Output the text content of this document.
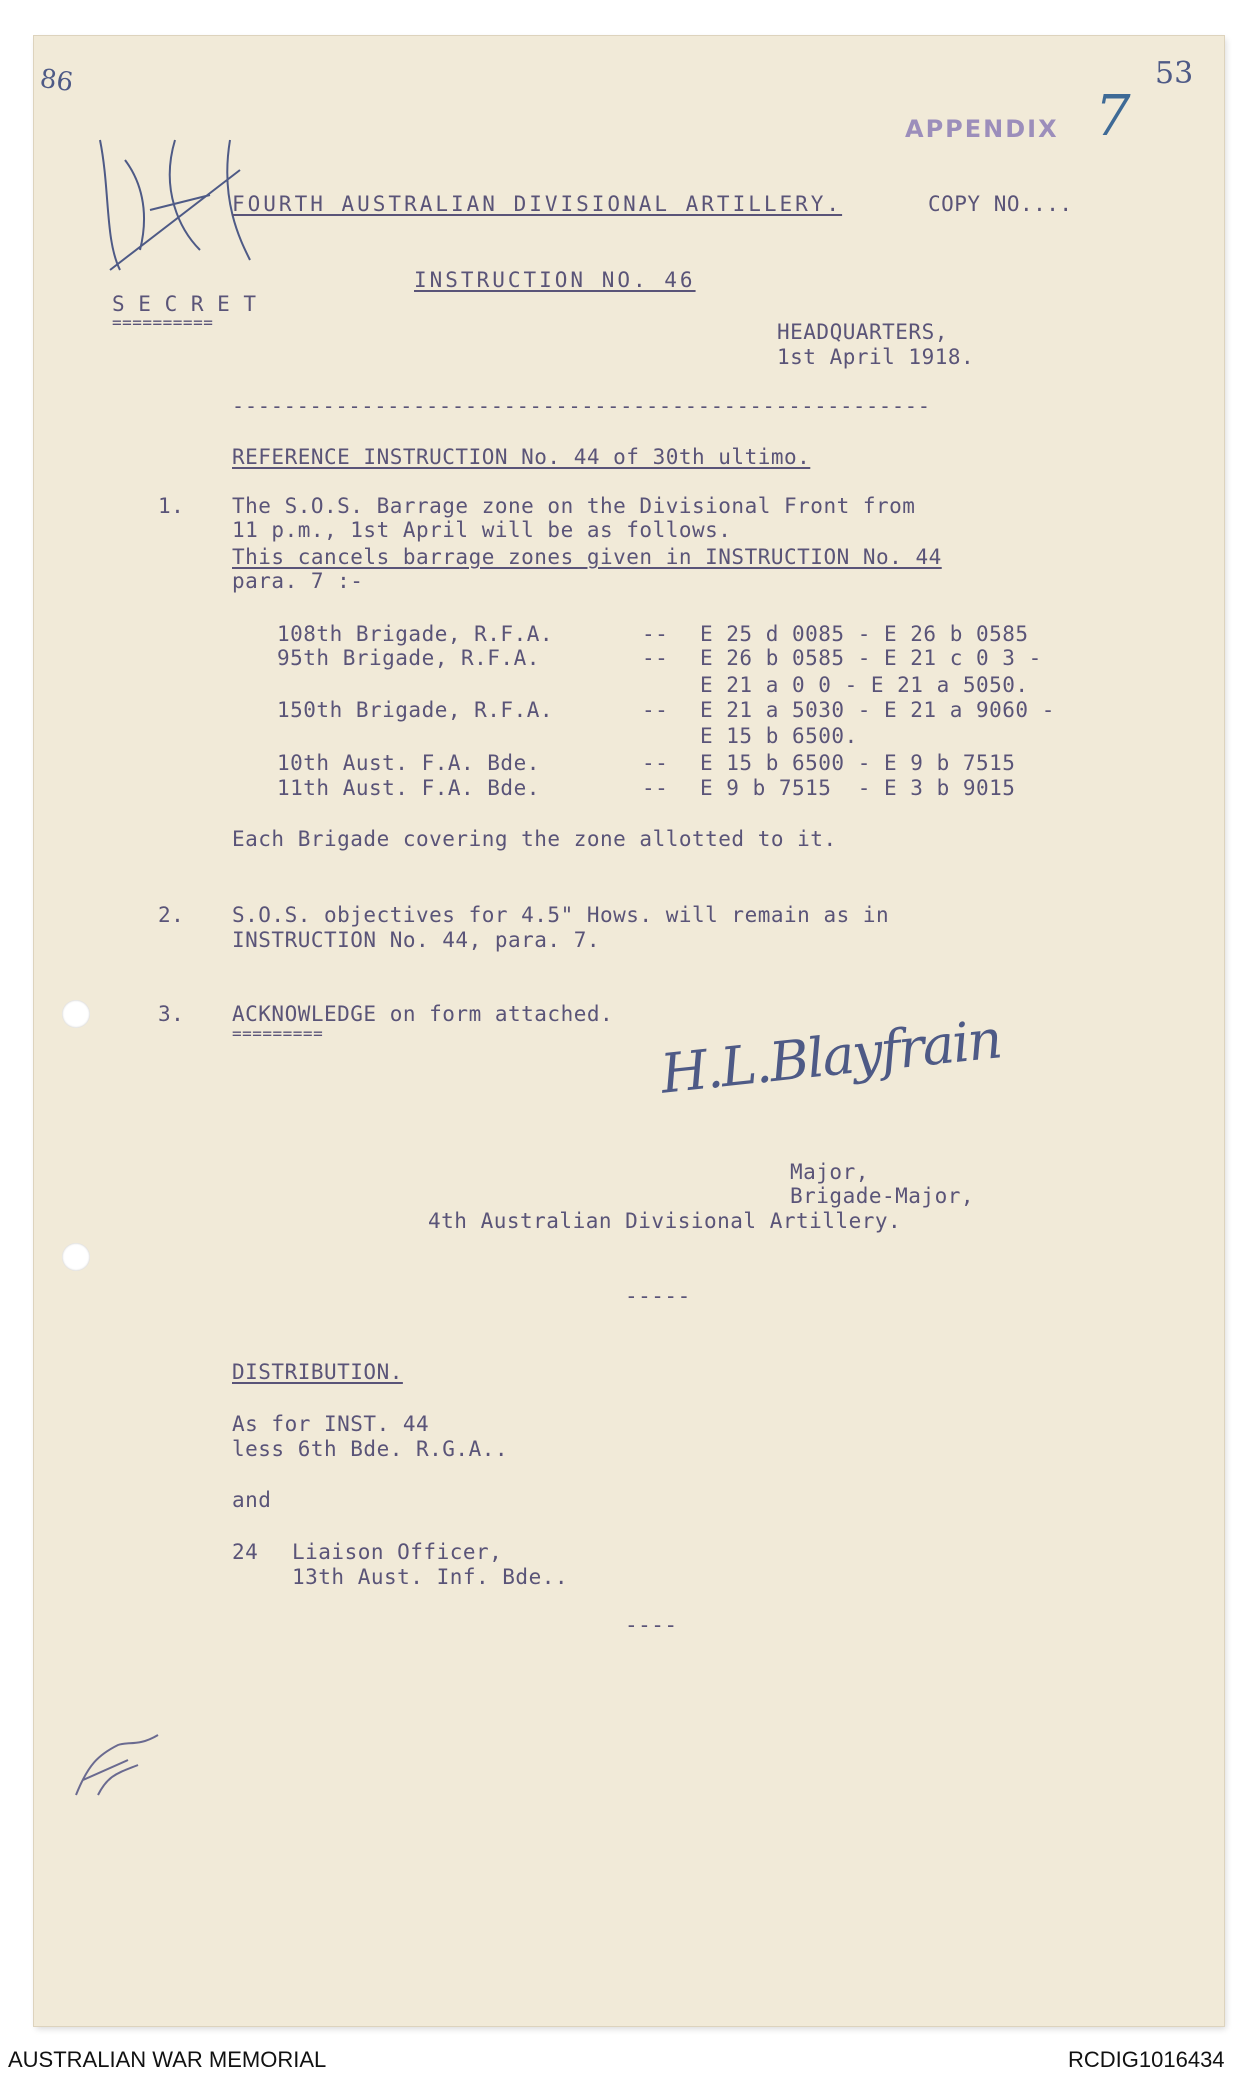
86	53
APPENDIX 7
FOURTH AUSTRALIAN DIVISIONAL ARTILLERY.	COPY NO....
S E C R E T
==========
INSTRUCTION NO. 46
HEADQUARTERS,
1st April 1918.
------------------------------------------------------
REFERENCE INSTRUCTION No. 44 of 30th ultimo.
1. The S.O.S. Barrage zone on the Divisional Front from
11 p.m., 1st April will be as follows.
This cancels barrage zones given in INSTRUCTION No. 44
para. 7 :-
108th Brigade, R.F.A.	-- E 25 d 0085 - E 26 b 0585
95th Brigade, R.F.A.	-- E 26 b 0585 - E 21 c 0 3 -
E 21 a 0 0 - E 21 a 5050.
150th Brigade, R.F.A.	-- E 21 a 5030 - E 21 a 9060 -
E 15 b 6500.
10th Aust. F.A. Bde.	-- E 15 b 6500 - E 9 b 7515
11th Aust. F.A. Bde.	-- E 9 b 7515  - E 3 b 9015
Each Brigade covering the zone allotted to it.
2. S.O.S. objectives for 4.5" Hows. will remain as in
INSTRUCTION No. 44, para. 7.
3. ACKNOWLEDGE on form attached.
=========	H.L.Blayfrain
Major,
Brigade-Major,
4th Australian Divisional Artillery.
-----
DISTRIBUTION.
As for INST. 44
less 6th Bde. R.G.A..
and
24 Liaison Officer,
13th Aust. Inf. Bde..
----
AUSTRALIAN WAR MEMORIAL	RCDIG1016434
